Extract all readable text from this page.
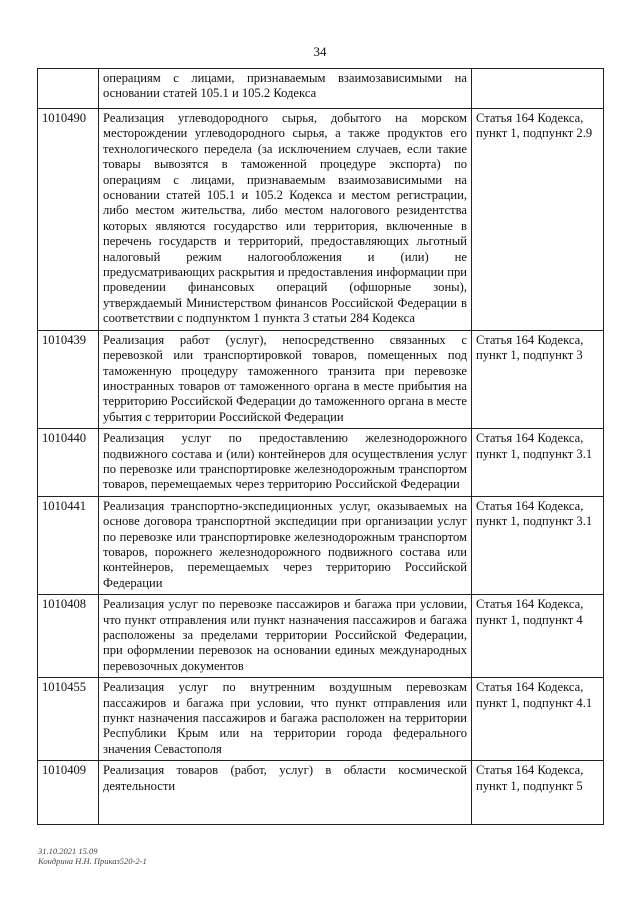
34
	операциям с лицами, признаваемым взаимозависимыми на основании статей 105.1 и 105.2 Кодекса	
1010490	Реализация углеводородного сырья, добытого на морском месторождении углеводородного сырья, а также продуктов его технологического передела (за исключением случаев, если такие товары вывозятся в таможенной процедуре экспорта) по операциям с лицами, признаваемым взаимозависимыми на основании статей 105.1 и 105.2 Кодекса и местом регистрации, либо местом жительства, либо местом налогового резидентства которых являются государство или территория, включенные в перечень государств и территорий, предоставляющих льготный налоговый режим налогообложения и (или) не предусматривающих раскрытия и предоставления информации при проведении финансовых операций (офшорные зоны), утверждаемый Министерством финансов Российской Федерации в соответствии с подпунктом 1 пункта 3 статьи 284 Кодекса	Статья 164 Кодекса, пункт 1, подпункт 2.9
1010439	Реализация работ (услуг), непосредственно связанных с перевозкой или транспортировкой товаров, помещенных под таможенную процедуру таможенного транзита при перевозке иностранных товаров от таможенного органа в месте прибытия на территорию Российской Федерации до таможенного органа в месте убытия с территории Российской Федерации	Статья 164 Кодекса, пункт 1, подпункт 3
1010440	Реализация услуг по предоставлению железнодорожного подвижного состава и (или) контейнеров для осуществления услуг по перевозке или транспортировке железнодорожным транспортом товаров, перемещаемых через территорию Российской Федерации	Статья 164 Кодекса, пункт 1, подпункт 3.1
1010441	Реализация транспортно-экспедиционных услуг, оказываемых на основе договора транспортной экспедиции при организации услуг по перевозке или транспортировке железнодорожным транспортом товаров, порожнего железнодорожного подвижного состава или контейнеров, перемещаемых через территорию Российской Федерации	Статья 164 Кодекса, пункт 1, подпункт 3.1
1010408	Реализация услуг по перевозке пассажиров и багажа при условии, что пункт отправления или пункт назначения пассажиров и багажа расположены за пределами территории Российской Федерации, при оформлении перевозок на основании единых международных перевозочных документов	Статья 164 Кодекса, пункт 1, подпункт 4
1010455	Реализация услуг по внутренним воздушным перевозкам пассажиров и багажа при условии, что пункт отправления или пункт назначения пассажиров и багажа расположен на территории Республики Крым или на территории города федерального значения Севастополя	Статья 164 Кодекса, пункт 1, подпункт 4.1
1010409	Реализация товаров (работ, услуг) в области космической деятельности	Статья 164 Кодекса, пункт 1, подпункт 5
31.10.2021 15.09
Кондрина Н.Н. Приказ520-2-1
